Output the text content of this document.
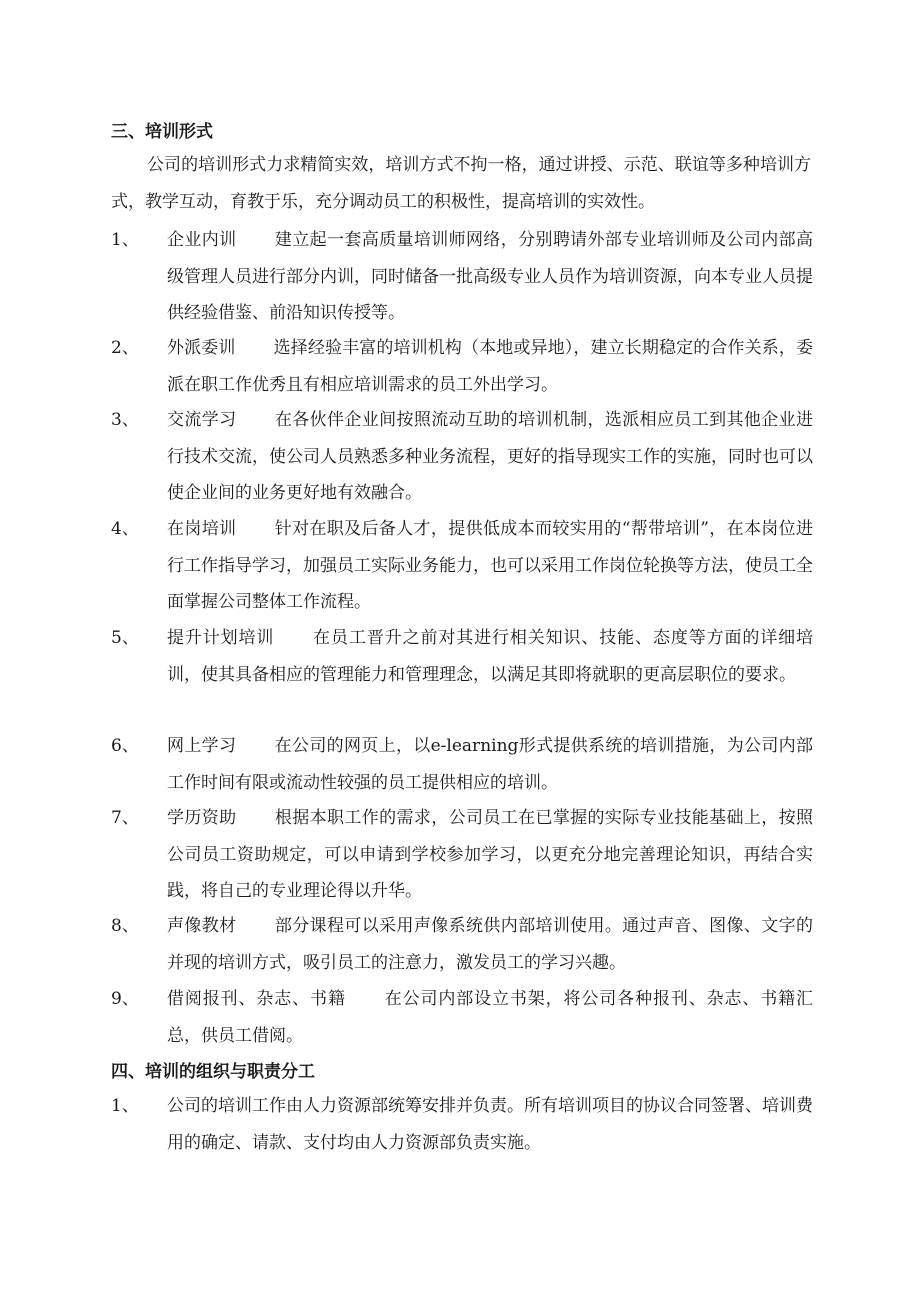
三、培训形式
公司的培训形式力求精简实效，培训方式不拘一格，通过讲授、示范、联谊等多种培训方式，教学互动，育教于乐，充分调动员工的积极性，提高培训的实效性。
1、	企业内训 建立起一套高质量培训师网络，分别聘请外部专业培训师及公司内部高级管理人员进行部分内训，同时储备一批高级专业人员作为培训资源，向本专业人员提供经验借鉴、前沿知识传授等。
2、	外派委训 选择经验丰富的培训机构（本地或异地），建立长期稳定的合作关系，委派在职工作优秀且有相应培训需求的员工外出学习。
3、	交流学习 在各伙伴企业间按照流动互助的培训机制，选派相应员工到其他企业进行技术交流，使公司人员熟悉多种业务流程，更好的指导现实工作的实施，同时也可以使企业间的业务更好地有效融合。
4、	在岗培训 针对在职及后备人才，提供低成本而较实用的“帮带培训”，在本岗位进行工作指导学习，加强员工实际业务能力，也可以采用工作岗位轮换等方法，使员工全面掌握公司整体工作流程。
5、	提升计划培训 在员工晋升之前对其进行相关知识、技能、态度等方面的详细培训，使其具备相应的管理能力和管理理念，以满足其即将就职的更高层职位的要求。
6、	网上学习 在公司的网页上，以e-learning形式提供系统的培训措施，为公司内部工作时间有限或流动性较强的员工提供相应的培训。
7、	学历资助 根据本职工作的需求，公司员工在已掌握的实际专业技能基础上，按照公司员工资助规定，可以申请到学校参加学习，以更充分地完善理论知识，再结合实践，将自己的专业理论得以升华。
8、	声像教材 部分课程可以采用声像系统供内部培训使用。通过声音、图像、文字的并现的培训方式，吸引员工的注意力，激发员工的学习兴趣。
9、	借阅报刊、杂志、书籍 在公司内部设立书架，将公司各种报刊、杂志、书籍汇总，供员工借阅。
四、培训的组织与职责分工
1、	公司的培训工作由人力资源部统筹安排并负责。所有培训项目的协议合同签署、培训费用的确定、请款、支付均由人力资源部负责实施。
